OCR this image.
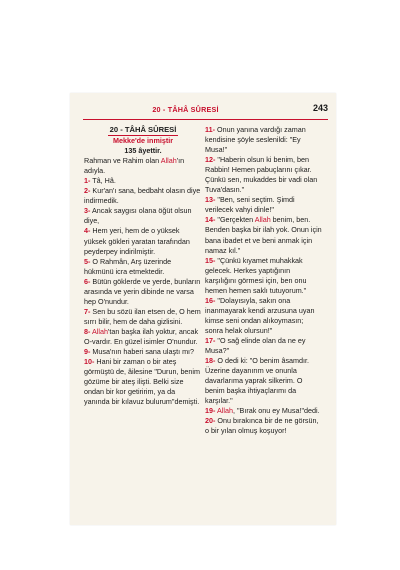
20 - TÂHÂ SÛRESİ	243
20 - TÂHÂ SÛRESİ
Mekke'de inmiştir
135 âyettir.

Rahman ve Rahim olan Allah'ın adıyla.

1- Tâ, Hâ.

2- Kur'an'ı sana, bedbaht olasın diye indirmedik.

3- Ancak saygısı olana öğüt olsun diye,

4- Hem yeri, hem de o yüksek yüksek gökleri yaratan tarafından peyderpey indirilmiştir.

5- O Rahmân, Arş üzerinde hükmünü icra etmektedir.

6- Bütün göklerde ve yerde, bunların arasında ve yerin dibinde ne varsa hep O'nundur.

7- Sen bu sözü ilan etsen de, O hem sırrı bilir, hem de daha gizlisini.

8- Allah'tan başka ilah yoktur, ancak O-vardır. En güzel isimler O'nundur.

9- Musa'nın haberi sana ulaştı mı?

10- Hani bir zaman o bir ateş görmüştü de, âilesine "Durun, benim gözüme bir ateş ilişti. Belki size ondan bir kor getiririm, ya da yanında bir kılavuz bulurum"demişti.

11- Onun yanına vardığı zaman kendisine şöyle seslenildi: "Ey Musa!"

12- "Haberin olsun ki benim, ben Rabbin! Hemen pabuçlarını çıkar. Çünkü sen, mukaddes bir vadi olan Tuva'dasın."

13- "Ben, seni seçtim. Şimdi verilecek vahyi dinle!"

14- "Gerçekten Allah benim, ben. Benden başka bir ilah yok. Onun için bana ibadet et ve beni anmak için namaz kıl."

15- "Çünkü kıyamet muhakkak gelecek. Herkes yaptığının karşılığını görmesi için, ben onu hemen hemen saklı tutuyorum."

16- "Dolayısıyla, sakın ona inanmayarak kendi arzusuna uyan kimse seni ondan alıkoymasın; sonra helak olursun!"

17- "O sağ elinde olan da ne ey Musa?"

18- O dedi ki: "O benim âsamdır. Üzerine dayanırım ve onunla davarlarıma yaprak silkerim. O benim başka ihtiyaçlarımı da karşılar."

19- Allah, "Bırak onu ey Musa!"dedi.

20- Onu bırakınca bir de ne görsün, o bir yılan olmuş koşuyor!
